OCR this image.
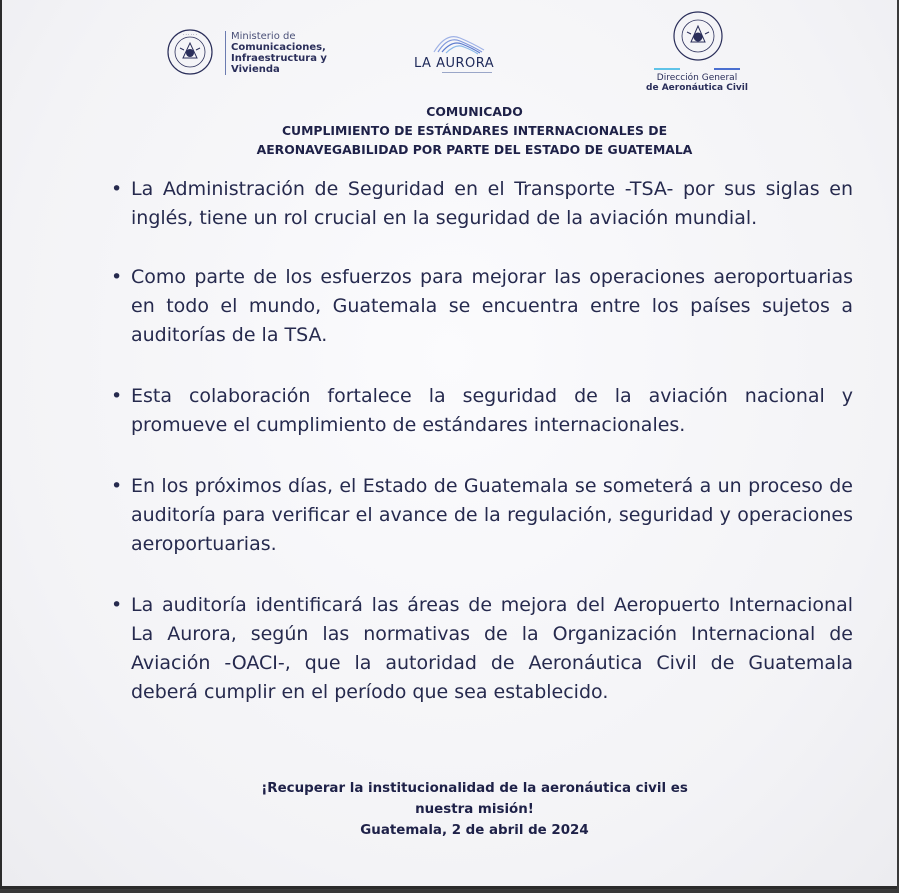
· · · · · ·	Ministerio de
Comunicaciones,
Infraestructura y
Vivienda	LA AURORA
Dirección General
de Aeronáutica Civil
COMUNICADO
CUMPLIMIENTO DE ESTÁNDARES INTERNACIONALES DE
AERONAVEGABILIDAD POR PARTE DEL ESTADO DE GUATEMALA
• La Administración de Seguridad en el Transporte -TSA- por sus siglas en inglés, tiene un rol crucial en la seguridad de la aviación mundial.
• Como parte de los esfuerzos para mejorar las operaciones aeroportuarias en todo el mundo, Guatemala se encuentra entre los países sujetos a auditorías de la TSA.
• Esta colaboración fortalece la seguridad de la aviación nacional y promueve el cumplimiento de estándares internacionales.
• En los próximos días, el Estado de Guatemala se someterá a un proceso de auditoría para verificar el avance de la regulación, seguridad y operaciones aeroportuarias.
• La auditoría identificará las áreas de mejora del Aeropuerto Internacional La Aurora, según las normativas de la Organización Internacional de Aviación -OACI-, que la autoridad de Aeronáutica Civil de Guatemala deberá cumplir en el período que sea establecido.
¡Recuperar la institucionalidad de la aeronáutica civil es
nuestra misión!
Guatemala, 2 de abril de 2024
